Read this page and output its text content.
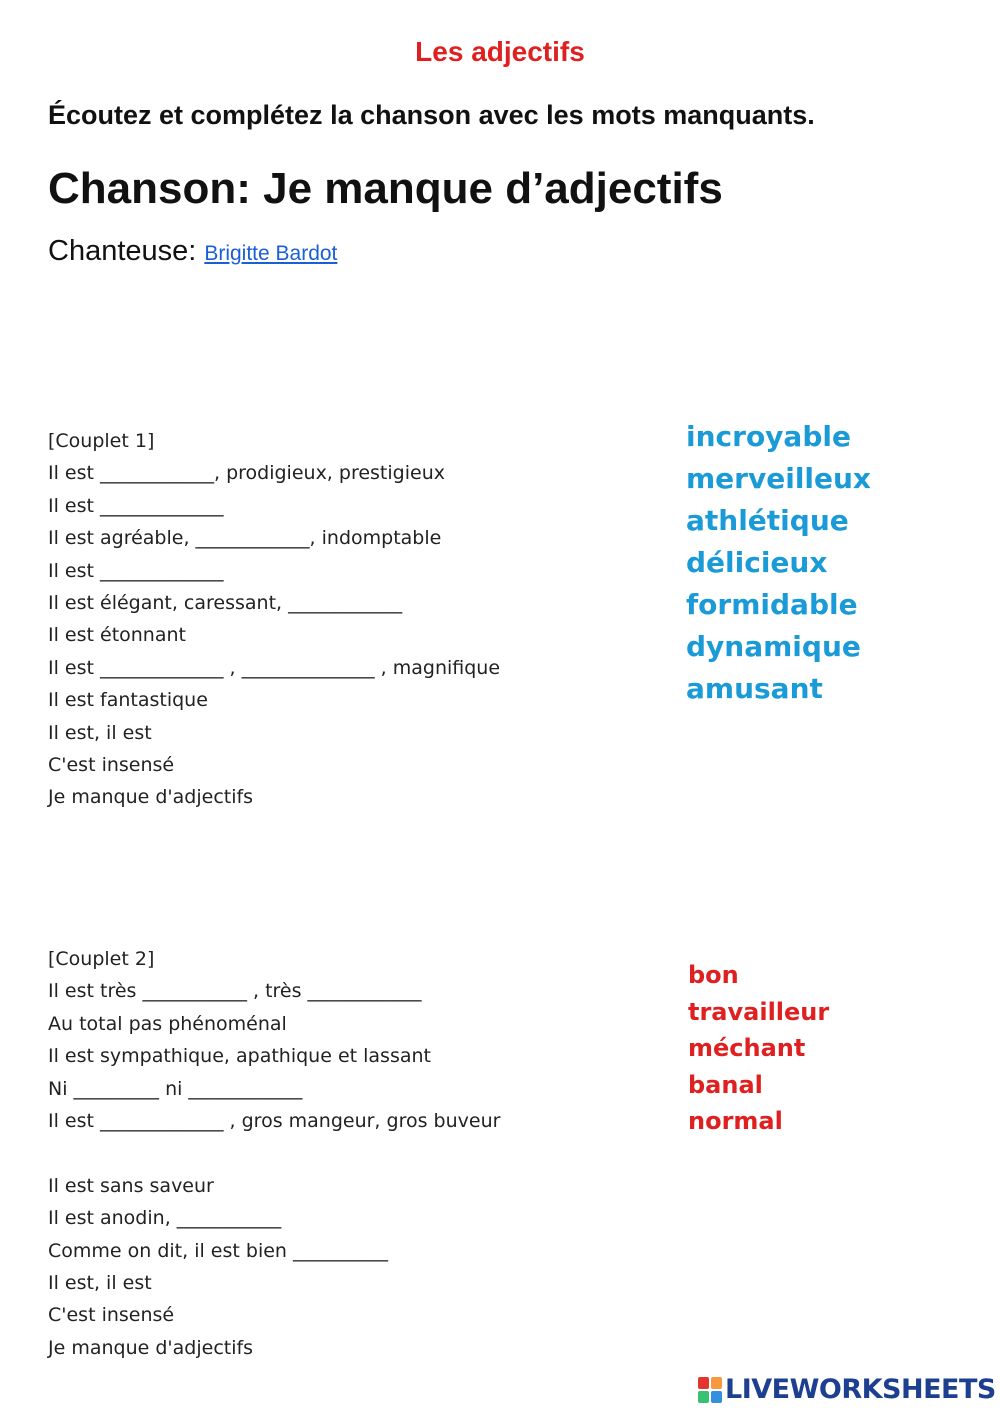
Les adjectifs
Écoutez et complétez la chanson avec les mots manquants.
Chanson: Je manque d’adjectifs
Chanteuse: Brigitte Bardot
[Couplet 1]
Il est ____________, prodigieux, prestigieux
Il est _____________
Il est agréable, ____________, indomptable
Il est _____________
Il est élégant, caressant, ____________
Il est étonnant
Il est _____________ , ______________ , magnifique
Il est fantastique
Il est, il est
C'est insensé
Je manque d'adjectifs
incroyable
merveilleux
athlétique
délicieux
formidable
dynamique
amusant
[Couplet 2]
Il est très ___________ , très ____________
Au total pas phénoménal
Il est sympathique, apathique et lassant
Ni _________ ni ____________
Il est _____________ , gros mangeur, gros buveur
Il est sans saveur
Il est anodin, ___________
Comme on dit, il est bien __________
Il est, il est
C'est insensé
Je manque d'adjectifs
bon
travailleur
méchant
banal
normal
LIVEWORKSHEETS
